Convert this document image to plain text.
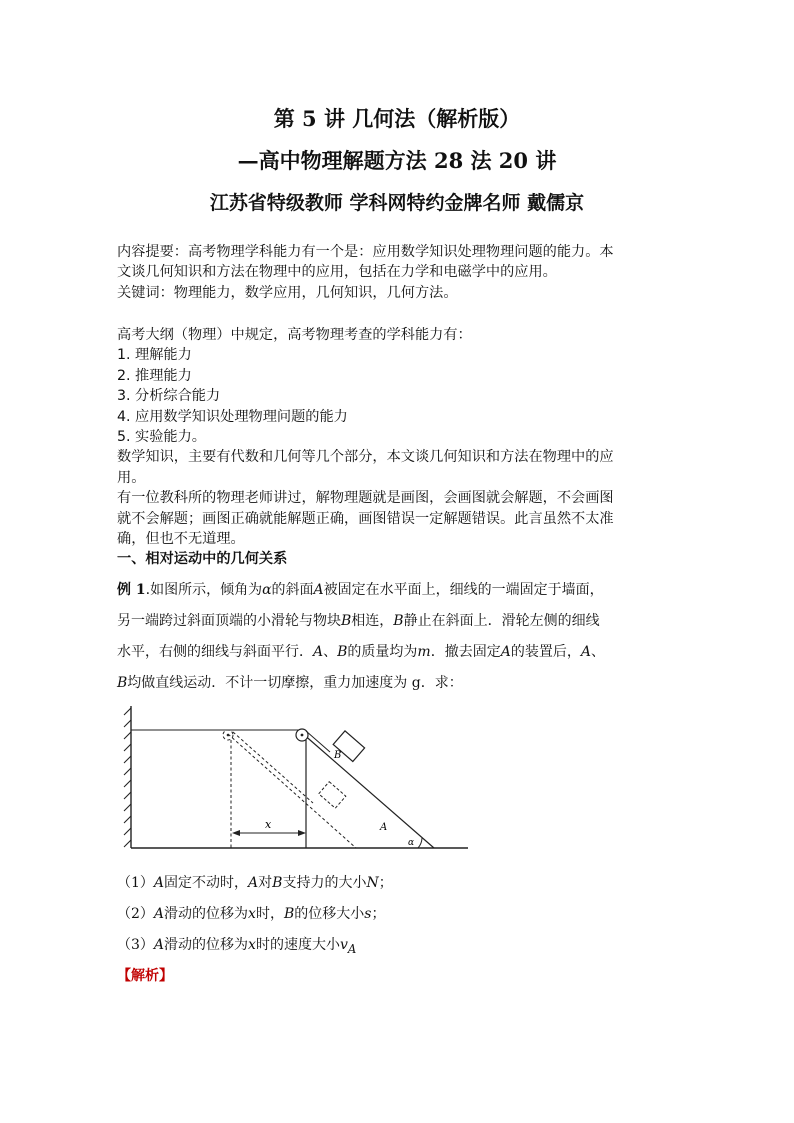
第 5 讲 几何法（解析版）
—高中物理解题方法 28 法 20 讲
江苏省特级教师 学科网特约金牌名师 戴儒京

内容提要：高考物理学科能力有一个是：应用数学知识处理物理问题的能力。本

文谈几何知识和方法在物理中的应用，包括在力学和电磁学中的应用。

关键词：物理能力，数学应用，几何知识，几何方法。

高考大纲（物理）中规定，高考物理考查的学科能力有：

1. 理解能力

2. 推理能力

3. 分析综合能力

4. 应用数学知识处理物理问题的能力

5. 实验能力。

数学知识，主要有代数和几何等几个部分，本文谈几何知识和方法在物理中的应

用。

有一位教科所的物理老师讲过，解物理题就是画图，会画图就会解题，不会画图

就不会解题；画图正确就能解题正确，画图错误一定解题错误。此言虽然不太准

确，但也不无道理。

一、相对运动中的几何关系

例 1.如图所示，倾角为α的斜面A被固定在水平面上，细线的一端固定于墙面，

另一端跨过斜面顶端的小滑轮与物块B相连，B静止在斜面上．滑轮左侧的细线

水平，右侧的细线与斜面平行．A、B的质量均为m．撤去固定A的装置后，A、

B均做直线运动．不计一切摩擦，重力加速度为 g．求：

B
x	A
α
（1）A固定不动时，A对B支持力的大小N；
（2）A滑动的位移为x时，B的位移大小s；
（3）A滑动的位移为x时的速度大小$v_A$
【解析】
